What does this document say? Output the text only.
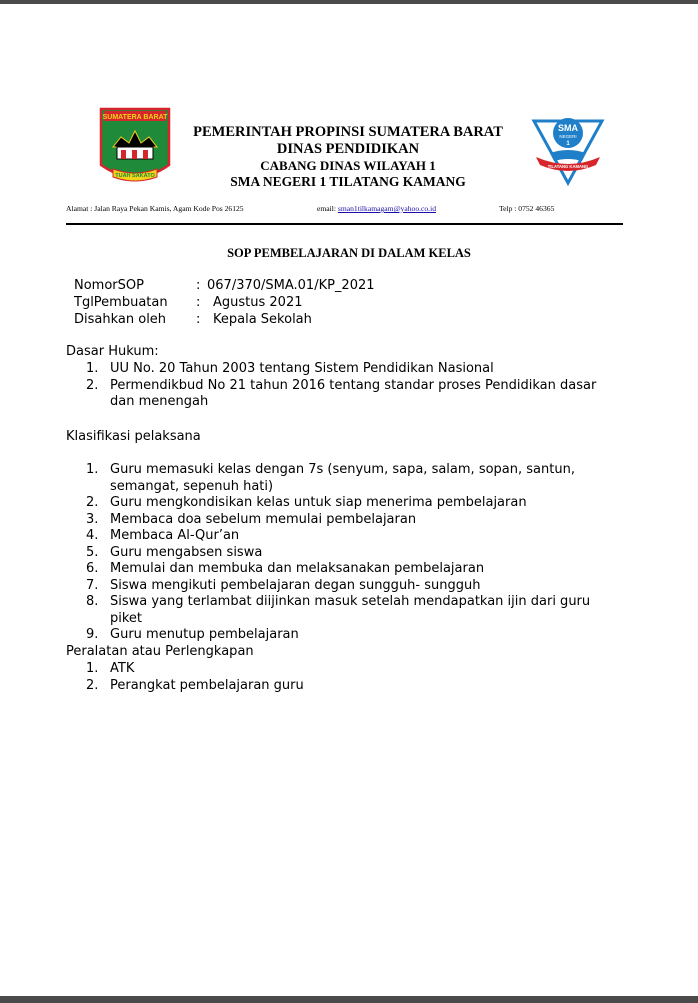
SUMATERA BARAT
TUAH SAKATO
SMA
NEGERI
1
TILATANG KAMANG
PEMERINTAH PROPINSI SUMATERA BARAT
DINAS PENDIDIKAN
CABANG DINAS WILAYAH 1
SMA NEGERI 1 TILATANG KAMANG
Alamat : Jalan Raya Pekan Kamis, Agam Kode Pos 26125	email: sman1tilkamagam@yahoo.co.id	Telp : 0752 46365
SOP PEMBELAJARAN DI DALAM KELAS
NomorSOP	: 067/370/SMA.01/KP_2021
TglPembuatan : Agustus 2021
Disahkan oleh : Kepala Sekolah
Dasar Hukum:
1. UU No. 20 Tahun 2003 tentang Sistem Pendidikan Nasional
2. Permendikbud No 21 tahun 2016 tentang standar proses Pendidikan dasar dan menengah
Klasifikasi pelaksana
1. Guru memasuki kelas dengan 7s (senyum, sapa, salam, sopan, santun, semangat, sepenuh hati)
2. Guru mengkondisikan kelas untuk siap menerima pembelajaran
3. Membaca doa sebelum memulai pembelajaran
4. Membaca Al-Qur’an
5. Guru mengabsen siswa
6. Memulai dan membuka dan melaksanakan pembelajaran
7. Siswa mengikuti pembelajaran degan sungguh- sungguh
8. Siswa yang terlambat diijinkan masuk setelah mendapatkan ijin dari guru piket
9. Guru menutup pembelajaran
Peralatan atau Perlengkapan
1. ATK
2. Perangkat pembelajaran guru
